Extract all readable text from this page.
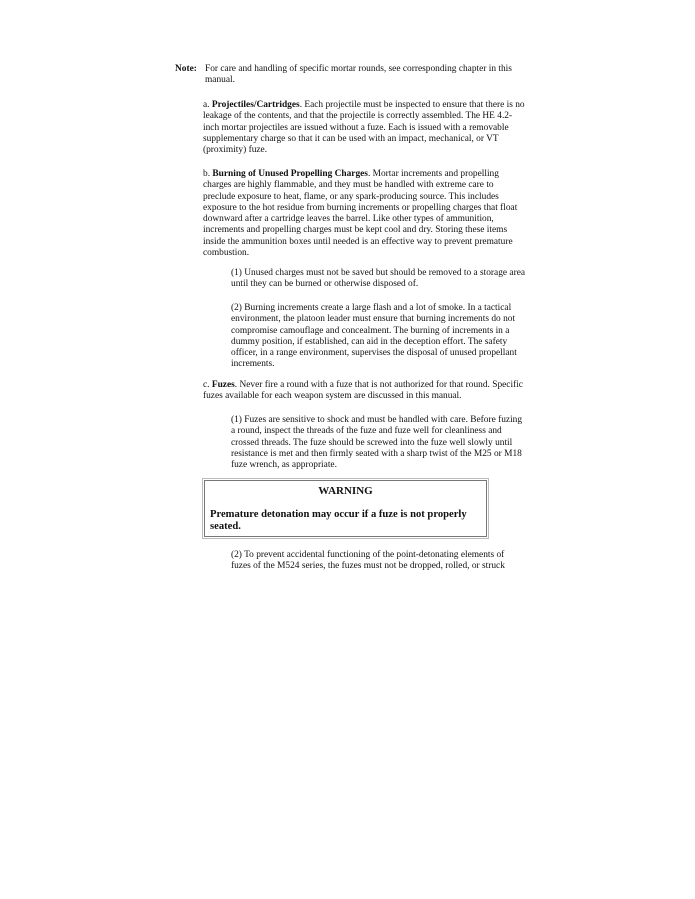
Note: For care and handling of specific mortar rounds, see corresponding chapter in this manual.

a. Projectiles/Cartridges. Each projectile must be inspected to ensure that there is no leakage of the contents, and that the projectile is correctly assembled. The HE 4.2-inch mortar projectiles are issued without a fuze. Each is issued with a removable supplementary charge so that it can be used with an impact, mechanical, or VT (proximity) fuze.

b. Burning of Unused Propelling Charges. Mortar increments and propelling charges are highly flammable, and they must be handled with extreme care to preclude exposure to heat, flame, or any spark-producing source. This includes exposure to the hot residue from burning increments or propelling charges that float downward after a cartridge leaves the barrel. Like other types of ammunition, increments and propelling charges must be kept cool and dry. Storing these items inside the ammunition boxes until needed is an effective way to prevent premature combustion.

(1) Unused charges must not be saved but should be removed to a storage area until they can be burned or otherwise disposed of.

(2) Burning increments create a large flash and a lot of smoke. In a tactical environment, the platoon leader must ensure that burning increments do not compromise camouflage and concealment. The burning of increments in a dummy position, if established, can aid in the deception effort. The safety officer, in a range environment, supervises the disposal of unused propellant increments.

c. Fuzes. Never fire a round with a fuze that is not authorized for that round. Specific fuzes available for each weapon system are discussed in this manual.

(1) Fuzes are sensitive to shock and must be handled with care. Before fuzing a round, inspect the threads of the fuze and fuze well for cleanliness and crossed threads. The fuze should be screwed into the fuze well slowly until resistance is met and then firmly seated with a sharp twist of the M25 or M18 fuze wrench, as appropriate.

WARNING
Premature detonation may occur if a fuze is not properly seated.

(2) To prevent accidental functioning of the point-detonating elements of fuzes of the M524 series, the fuzes must not be dropped, rolled, or struck
